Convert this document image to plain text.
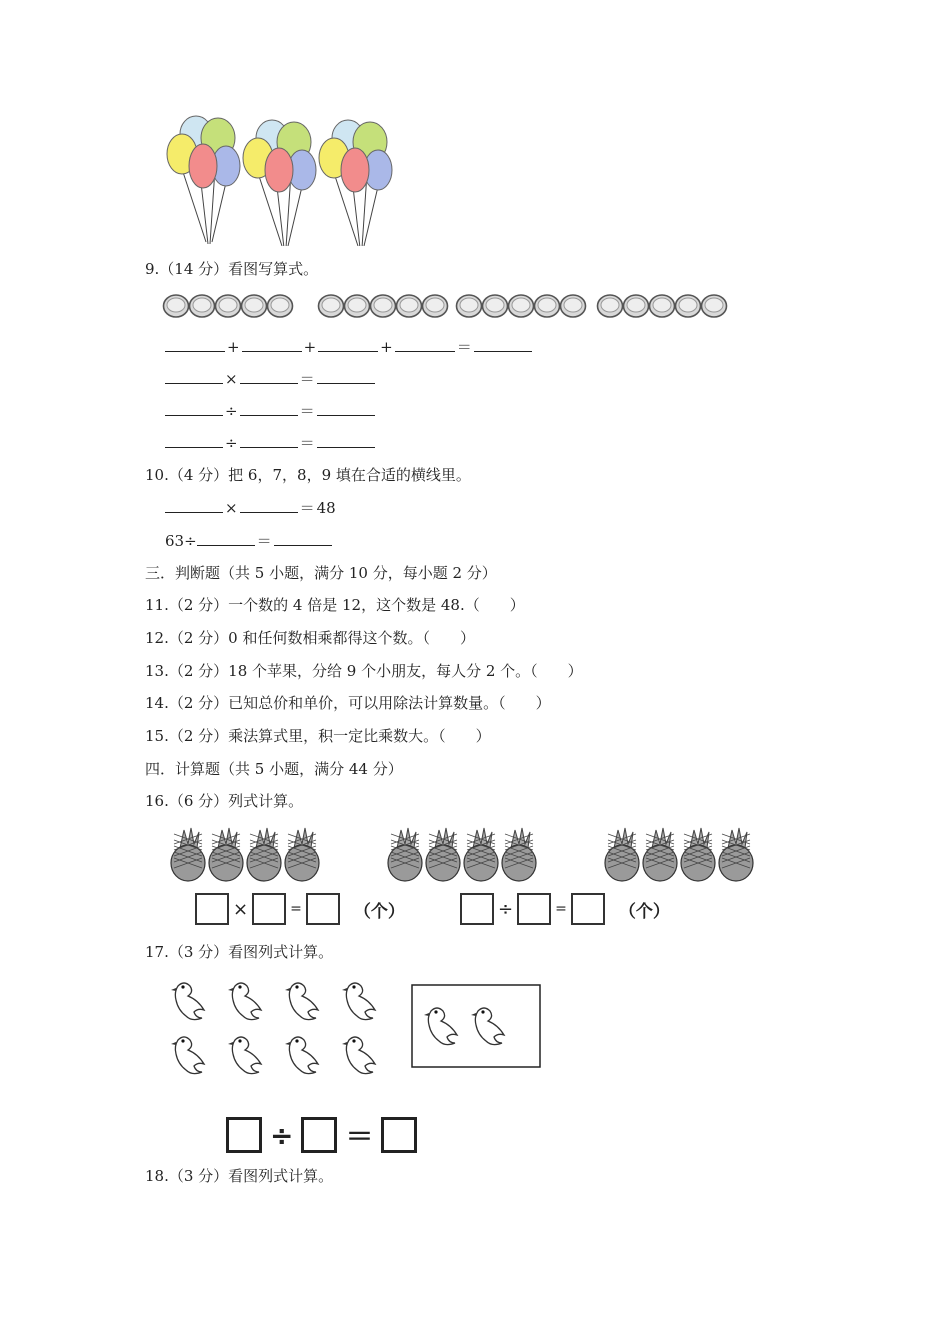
9.（14 分）看图写算式。
+	+	+	＝
×	＝
÷	＝
÷	＝
10.（4 分）把 6，7，8，9 填在合适的横线里。
×	＝ 48
63÷	＝
三．判断题（共 5 小题，满分 10 分，每小题 2 分）
11.（2 分）一个数的 4 倍是 12，这个数是 48.（　　）
12.（2 分）0 和任何数相乘都得这个数。（　　）
13.（2 分）18 个苹果，分给 9 个小朋友，每人分 2 个。（　　）
14.（2 分）已知总价和单价，可以用除法计算数量。（　　）
15.（2 分）乘法算式里，积一定比乘数大。（　　）
四．计算题（共 5 小题，满分 44 分）
16.（6 分）列式计算。
×	=	（个）	÷	=	（个）
17.（3 分）看图列式计算。
÷ ＝
18.（3 分）看图列式计算。
